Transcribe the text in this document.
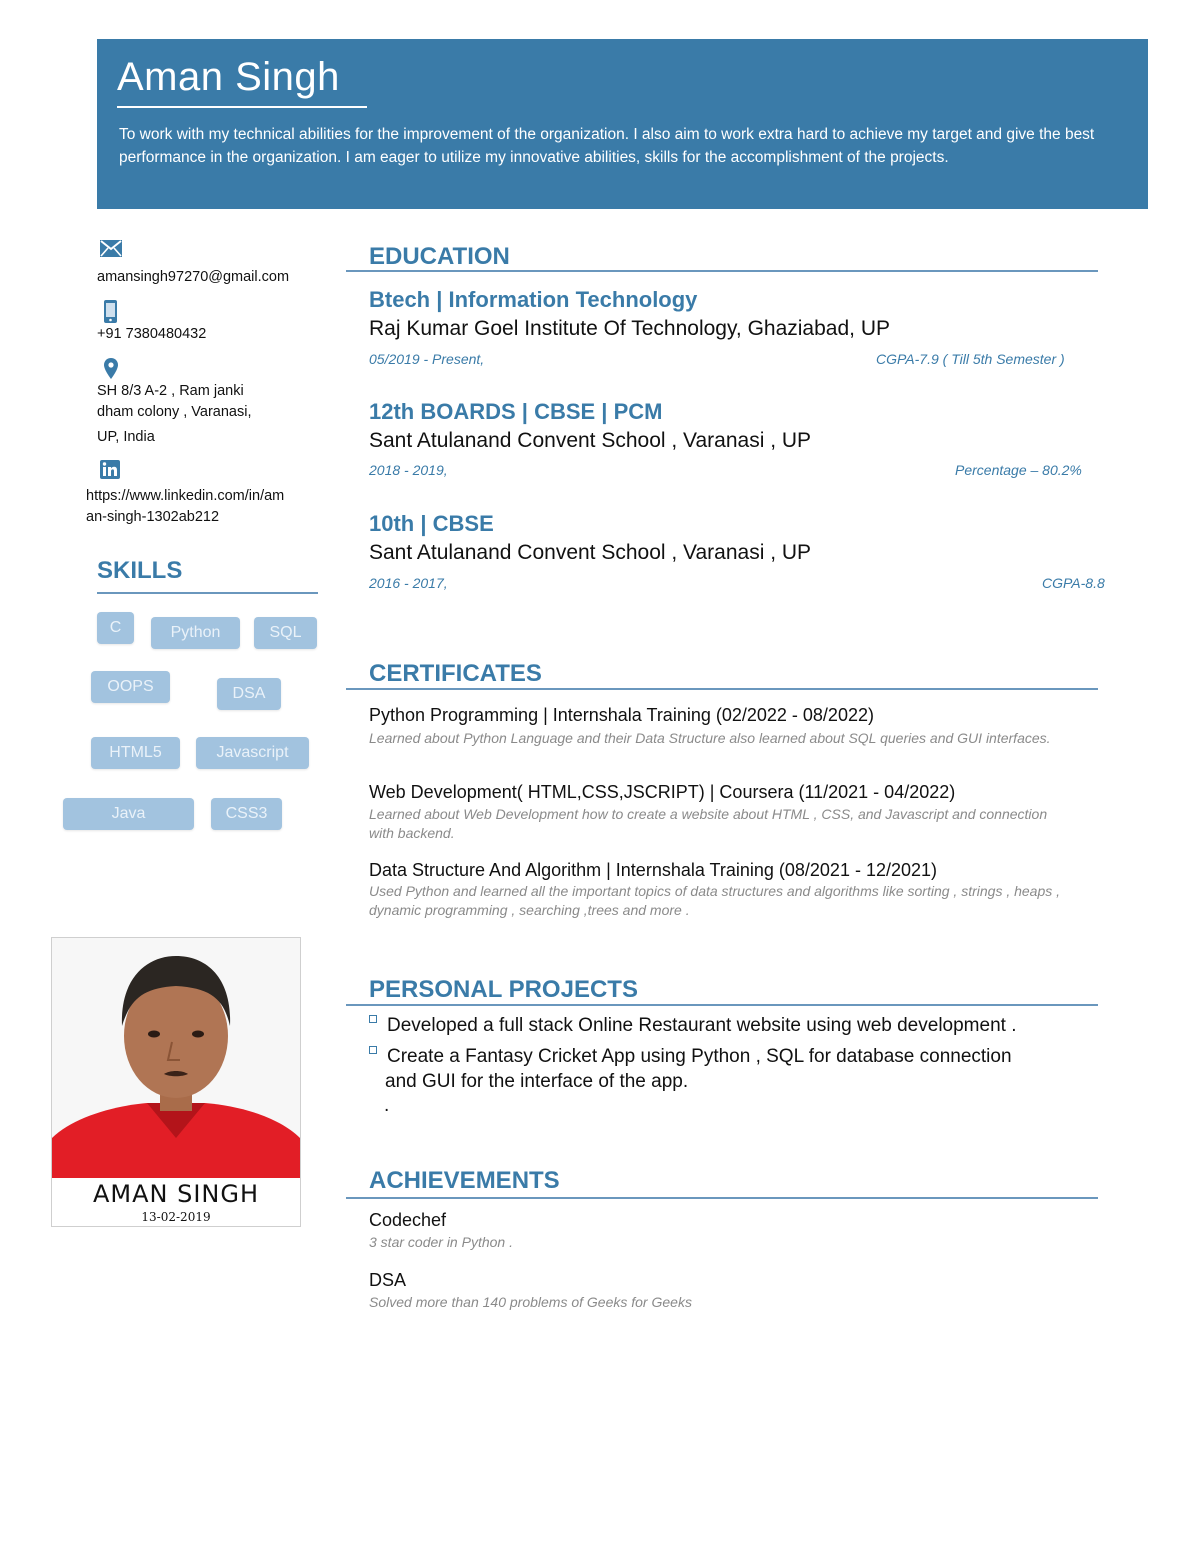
Aman Singh
To work with my technical abilities for the improvement of the organization. I also aim to work extra hard to achieve my target and give the best performance in the organization. I am eager to utilize my innovative abilities, skills for the accomplishment of the projects.
amansingh97270@gmail.com
+91 7380480432
SH 8/3 A-2 , Ram janki
dham colony , Varanasi,
UP, India
https://www.linkedin.com/in/am
an-singh-1302ab212
SKILLS
C	Python	SQL
OOPS	DSA
HTML5	Javascript
Java	CSS3
AMAN SINGH
13-02-2019
EDUCATION
Btech | Information Technology
Raj Kumar Goel Institute Of Technology, Ghaziabad, UP
05/2019 - Present,	CGPA-7.9 ( Till 5th Semester )
12th BOARDS | CBSE | PCM
Sant Atulanand Convent School , Varanasi , UP
2018 - 2019,	Percentage – 80.2%
10th | CBSE
Sant Atulanand Convent School , Varanasi , UP
2016 - 2017,	CGPA-8.8
CERTIFICATES
Python Programming | Internshala Training (02/2022 - 08/2022)
Learned about Python Language and their Data Structure also learned about SQL queries and GUI interfaces.
Web Development( HTML,CSS,JSCRIPT) | Coursera (11/2021 - 04/2022)
Learned about Web Development how to create a website about HTML , CSS, and Javascript and connection with backend.
Data Structure And Algorithm | Internshala Training (08/2021 - 12/2021)
Used Python and learned all the important topics of data structures and algorithms like sorting , strings , heaps , dynamic programming , searching ,trees and more .
PERSONAL PROJECTS
Developed a full stack Online Restaurant website using web development .
Create a Fantasy Cricket App using Python , SQL for database connection and GUI for the interface of the app.
.
ACHIEVEMENTS
Codechef
3 star coder in Python .
DSA
Solved more than 140 problems of Geeks for Geeks
